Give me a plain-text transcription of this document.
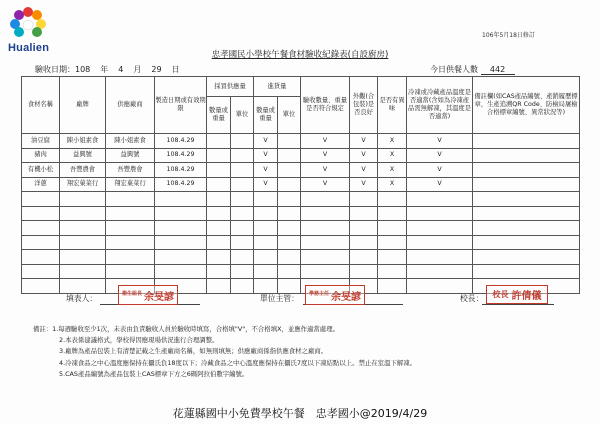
Hualien
106年5月18日修訂
忠孝國民小學校午餐食材驗收紀錄表(自設廚房)
驗收日期：108 年 4 月 29 日	今日供餐人數 442
食材名稱	廠牌	供應廠商	製造日期或有效期限	採買供應量		進貨量		驗收數量、重量是否符合規定	外觀(合包裝)是否良好	是否有異味	冷凍或冷藏產品溫度是否適當(含如為冷凍產品需無解凍，其溫度是否適當)	備註欄(如CAS產品編號、產銷履歷標章，生產追溯QR Code、防檢局屠檢合格標章編號、異常狀況等)
				數量或重量	單位	數量或重量	單位					
油豆腐	陳小姐素食	陳小姐素食	108.4.29			V		V	V	X	V	
豬肉	益興號	益興號	108.4.29			V		V	V	X	V	
有機小松	吾豐農會	吾豐農會	108.4.29			V		V	V	X	V	
洋蔥	翔宏菓菜行	翔宏菓菜行	108.4.29			V		V	V	X	V	

填表人：	衛生組長 余旻諺	單位主管： 學務主任 余旻諺	校長： 校長 許倩儀
備註：1.每週驗收至少1次，未表由負責驗收人員於驗收時填寫，合格填"V"，不合格填X，並應作適當處理。
2.本表係建議格式，學校得因應現場供況進行合理調整。
3.廠牌為產品包裝上有清楚記載之生產廠商名稱，如無則填無；供應廠商係指供應食材之廠商。
4.冷凍食品之中心溫度應保持在攝氏負18度以下；冷藏食品之中心溫度應保持在攝氏7度以下凍結點以上。禁止在室溫下解凍。
5.CAS產品編號為產品包裝上CAS標章下方之6碼阿拉伯數字編號。
花蓮縣國中小免費學校午餐　忠孝國小@2019/4/29
